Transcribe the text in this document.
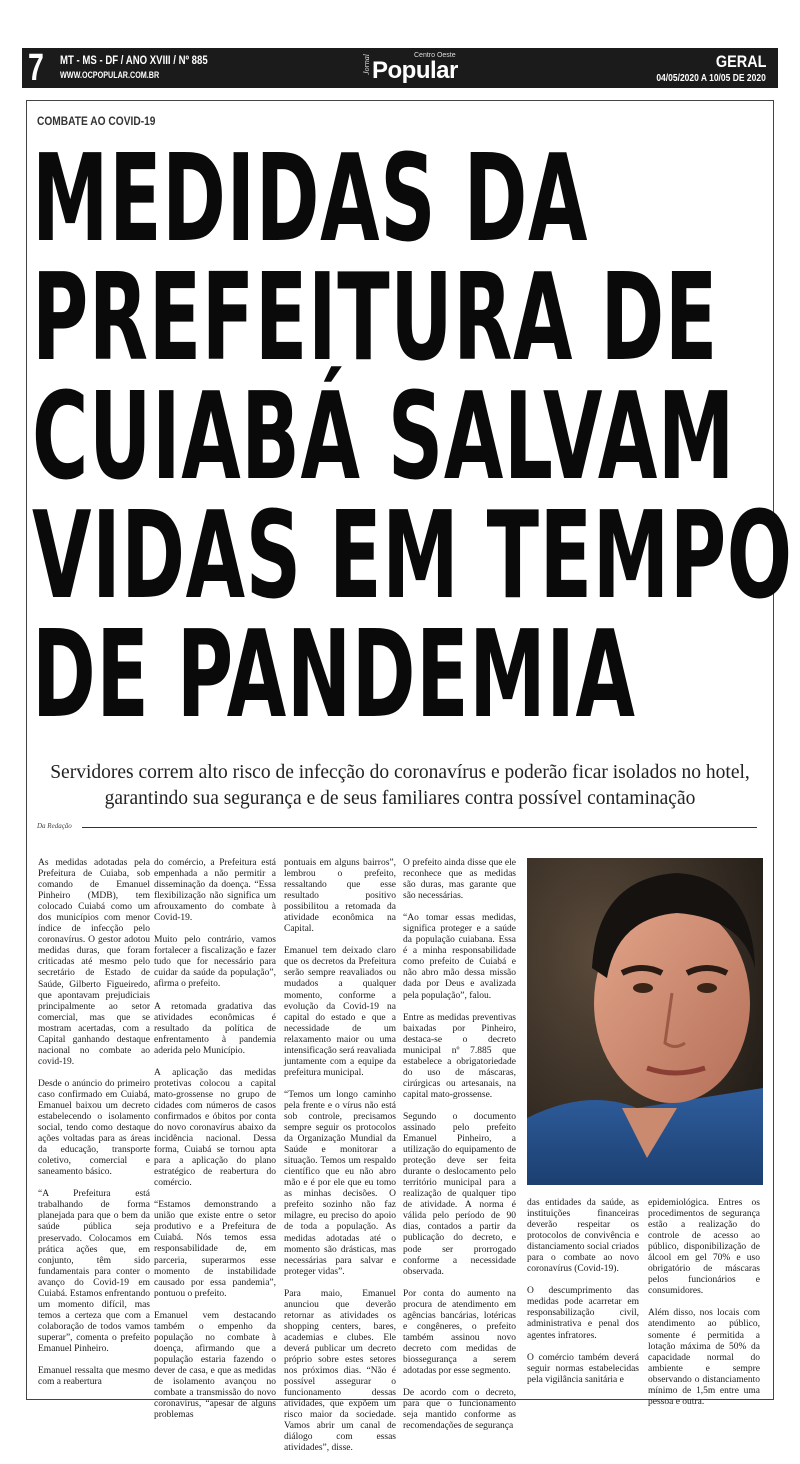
7	MT - MS - DF / ANO XVIII / Nº 885
WWW.OCPOPULAR.COM.BR
Jornal	Centro Oeste
Popular	GERAL
04/05/2020 A 10/05 DE 2020
COMBATE AO COVID-19
MEDIDAS DA
PREFEITURA DE
CUIABÁ SALVAM
VIDAS EM TEMPO
DE PANDEMIA
Servidores correm alto risco de infecção do coronavírus e poderão ficar isolados no hotel, garantindo sua segurança e de seus familiares contra possível contaminação
Da Redação

As medidas adotadas pela Prefeitura de Cuiaba, sob comando de Emanuel Pinheiro (MDB), tem colocado Cuiabá como um dos municípios com menor índice de infecção pelo coronavírus. O gestor adotou medidas duras, que foram criticadas até mesmo pelo secretário de Estado de Saúde, Gilberto Figueiredo, que apontavam prejudiciais principalmente ao setor comercial, mas que se mostram acertadas, com a Capital ganhando destaque nacional no combate ao covid-19.

Desde o anúncio do primeiro caso confirmado em Cuiabá, Emanuel baixou um decreto estabelecendo o isolamento social, tendo como destaque ações voltadas para as áreas da educação, transporte coletivo, comercial e saneamento básico.

“A Prefeitura está trabalhando de forma planejada para que o bem da saúde pública seja preservado. Colocamos em prática ações que, em conjunto, têm sido fundamentais para conter o avanço do Covid-19 em Cuiabá. Estamos enfrentando um momento difícil, mas temos a certeza que com a colaboração de todos vamos superar”, comenta o prefeito Emanuel Pinheiro.

Emanuel ressalta que mesmo com a reabertura

do comércio, a Prefeitura está empenhada a não permitir a disseminação da doença. “Essa flexibilização não significa um afrouxamento do combate à Covid-19.

Muito pelo contrário, vamos fortalecer a fiscalização e fazer tudo que for necessário para cuidar da saúde da população”, afirma o prefeito.

A retomada gradativa das atividades econômicas é resultado da política de enfrentamento à pandemia aderida pelo Município.

A aplicação das medidas protetivas colocou a capital mato-grossense no grupo de cidades com números de casos confirmados e óbitos por conta do novo coronavírus abaixo da incidência nacional. Dessa forma, Cuiabá se tornou apta para a aplicação do plano estratégico de reabertura do comércio.

“Estamos demonstrando a união que existe entre o setor produtivo e a Prefeitura de Cuiabá. Nós temos essa responsabilidade de, em parceria, superarmos esse momento de instabilidade causado por essa pandemia”, pontuou o prefeito.

Emanuel vem destacando também o empenho da população no combate à doença, afirmando que a população estaria fazendo o dever de casa, e que as medidas de isolamento avançou no combate a transmissão do novo coronavírus, “apesar de alguns problemas

pontuais em alguns bairros”, lembrou o prefeito, ressaltando que esse resultado positivo possibilitou a retomada da atividade econômica na Capital.

Emanuel tem deixado claro que os decretos da Prefeitura serão sempre reavaliados ou mudados a qualquer momento, conforme a evolução da Covid-19 na capital do estado e que a necessidade de um relaxamento maior ou uma intensificação será reavaliada juntamente com a equipe da prefeitura municipal.

“Temos um longo caminho pela frente e o vírus não está sob controle, precisamos sempre seguir os protocolos da Organização Mundial da Saúde e monitorar a situação. Temos um respaldo científico que eu não abro mão e é por ele que eu tomo as minhas decisões. O prefeito sozinho não faz milagre, eu preciso do apoio de toda a população. As medidas adotadas até o momento são drásticas, mas necessárias para salvar e proteger vidas”.

Para maio, Emanuel anunciou que deverão retornar as atividades os shopping centers, bares, academias e clubes. Ele deverá publicar um decreto próprio sobre estes setores nos próximos dias. “Não é possível assegurar o funcionamento dessas atividades, que expõem um risco maior da sociedade. Vamos abrir um canal de diálogo com essas atividades”, disse.

O prefeito ainda disse que ele reconhece que as medidas são duras, mas garante que são necessárias.

“Ao tomar essas medidas, significa proteger e a saúde da população cuiabana. Essa é a minha responsabilidade como prefeito de Cuiabá e não abro mão dessa missão dada por Deus e avalizada pela população”, falou.

Entre as medidas preventivas baixadas por Pinheiro, destaca-se o decreto municipal nº 7.885 que estabelece a obrigatoriedade do uso de máscaras, cirúrgicas ou artesanais, na capital mato-grossense.

Segundo o documento assinado pelo prefeito Emanuel Pinheiro, a utilização do equipamento de proteção deve ser feita durante o deslocamento pelo território municipal para a realização de qualquer tipo de atividade. A norma é válida pelo período de 90 dias, contados a partir da publicação do decreto, e pode ser prorrogado conforme a necessidade observada.

Por conta do aumento na procura de atendimento em agências bancárias, lotéricas e congêneres, o prefeito também assinou novo decreto com medidas de biossegurança a serem adotadas por esse segmento.

De acordo com o decreto, para que o funcionamento seja mantido conforme as recomendações de segurança

das entidades da saúde, as instituições financeiras deverão respeitar os protocolos de convivência e distanciamento social criados para o combate ao novo coronavírus (Covid-19).

O descumprimento das medidas pode acarretar em responsabilização civil, administrativa e penal dos agentes infratores.

O comércio também deverá seguir normas estabelecidas pela vigilância sanitária e

epidemiológica. Entres os procedimentos de segurança estão a realização do controle de acesso ao público, disponibilização de álcool em gel 70% e uso obrigatório de máscaras pelos funcionários e consumidores.

Além disso, nos locais com atendimento ao público, somente é permitida a lotação máxima de 50% da capacidade normal do ambiente e sempre observando o distanciamento mínimo de 1,5m entre uma pessoa e outra.
